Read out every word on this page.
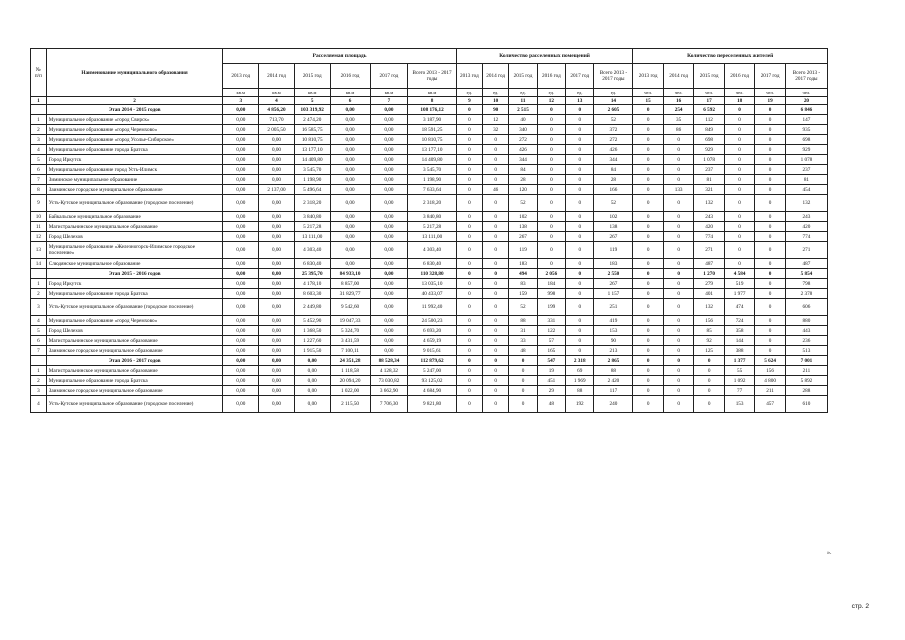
№
п/п	Наименование муниципального образования	Расселяемая площадь						Количество расселенных помещений						Количество переселенных жителей					
		2013 год	2014 год	2015 год	2016 год	2017 год	Всего 2013 - 2017 годы	2013 год	2014 год	2015 год	2016 год	2017 год	Всего 2013 - 2017 годы	2013 год	2014 год	2015 год	2016 год	2017 год	Всего 2013 - 2017 годы
		кв.м	кв.м	кв.м	кв.м	кв.м	кв.м	ед.	ед.	ед.	ед.	ед.	ед.	чел.	чел.	чел.	чел.	чел.	чел.
1	2	3	4	5	6	7	8	9	10	11	12	13	14	15	16	17	18	19	20
	Этап 2014 - 2015 годов	0,00	4 856,20	103 319,92	0,00	0,00	108 176,12	0	90	2 515	0	0	2 605	0	254	6 592	0	0	6 846
1	Муниципальное образование «город Свирск»	0,00	713,70	2 474,20	0,00	0,00	3 187,90	0	12	40	0	0	52	0	35	112	0	0	147
2	Муниципальное образование «город Черемхово»	0,00	2 005,50	16 585,75	0,00	0,00	18 591,25	0	32	340	0	0	372	0	86	849	0	0	935
3	Муниципальное образование «город Усолье-Сибирское»	0,00	0,00	10 810,75	0,00	0,00	10 810,75	0	0	272	0	0	272	0	0	698	0	0	698
4	Муниципальное образование города Братска	0,00	0,00	13 177,10	0,00	0,00	13 177,10	0	0	426	0	0	426	0	0	929	0	0	929
5	Город Иркутск	0,00	0,00	14 409,80	0,00	0,00	14 409,80	0	0	344	0	0	344	0	0	1 078	0	0	1 078
6	Муниципальное образование город Усть-Илимск	0,00	0,00	3 545,70	0,00	0,00	3 545,70	0	0	84	0	0	84	0	0	237	0	0	237
7	Зиминское муниципальное образование	0,00	0,00	1 198,90	0,00	0,00	1 198,90	0	0	28	0	0	28	0	0	81	0	0	81
8	Заиминское городское муниципальное образование	0,00	2 137,00	5 496,64	0,00	0,00	7 633,64	0	46	120	0	0	166	0	133	321	0	0	454
9	Усть-Кутское муниципальное образование (городское поселение)	0,00	0,00	2 318,20	0,00	0,00	2 318,20	0	0	52	0	0	52	0	0	132	0	0	132
10	Байкальское муниципальное образование	0,00	0,00	3 840,80	0,00	0,00	3 840,80	0	0	102	0	0	102	0	0	243	0	0	243
11	Магистральнинское муниципальное образование	0,00	0,00	5 217,28	0,00	0,00	5 217,28	0	0	138	0	0	138	0	0	420	0	0	420
12	Город Шелехов	0,00	0,00	13 111,00	0,00	0,00	13 111,00	0	0	267	0	0	267	0	0	774	0	0	774
13	Муниципальное образование «Железногорск-Илимское городское поселение»	0,00	0,00	4 303,40	0,00	0,00	4 303,40	0	0	119	0	0	119	0	0	271	0	0	271
14	Слюдянское муниципальное образование	0,00	0,00	6 830,40	0,00	0,00	6 830,40	0	0	183	0	0	183	0	0	487	0	0	487
	Этап 2015 - 2016 годов	0,00	0,00	25 395,70	84 933,10	0,00	110 328,80	0	0	494	2 056	0	2 550	0	0	1 270	4 584	0	5 854
1	Город Иркутск	0,00	0,00	4 178,10	8 857,00	0,00	13 035,10	0	0	83	184	0	267	0	0	279	519	0	798
2	Муниципальное образование города Братска	0,00	0,00	8 603,30	31 829,77	0,00	40 433,07	0	0	159	998	0	1 157	0	0	401	1 977	0	2 378
3	Усть-Кутское муниципальное образование (городское поселение)	0,00	0,00	2 449,80	9 542,60	0,00	11 992,40	0	0	52	199	0	251	0	0	132	474	0	606
4	Муниципальное образование «город Черемхово»	0,00	0,00	5 452,90	19 047,33	0,00	24 500,23	0	0	88	331	0	419	0	0	156	724	0	880
5	Город Шелехов	0,00	0,00	1 368,50	5 324,70	0,00	6 693,20	0	0	31	122	0	153	0	0	85	358	0	443
6	Магистральнинское муниципальное образование	0,00	0,00	1 227,60	3 431,59	0,00	4 659,19	0	0	33	57	0	90	0	0	92	144	0	236
7	Заиминское городское муниципальное образование	0,00	0,00	1 915,50	7 100,11	0,00	9 015,61	0	0	48	165	0	213	0	0	125	388	0	513
	Этап 2016 - 2017 годов	0,00	0,00	0,00	24 351,28	88 528,34	112 879,62	0	0	0	547	2 318	2 865	0	0	0	1 377	5 624	7 001
1	Магистральнинское муниципальное образование	0,00	0,00	0,00	1 118,58	4 128,32	5 247,00	0	0	0	19	69	88	0	0	0	55	156	211
2	Муниципальное образование города Братска	0,00	0,00	0,00	20 094,20	73 030,82	93 125,02	0	0	0	451	1 969	2 420	0	0	0	1 092	4 800	5 892
3	Заиминское городское муниципальное образование	0,00	0,00	0,00	1 022,00	3 662,90	4 684,90	0	0	0	29	88	117	0	0	0	77	211	288
4	Усть-Кутское муниципальное образование (городское поселение)	0,00	0,00	0,00	2 115,50	7 706,30	9 821,80	0	0	0	48	192	240	0	0	0	153	457	610
».
стр. 2
